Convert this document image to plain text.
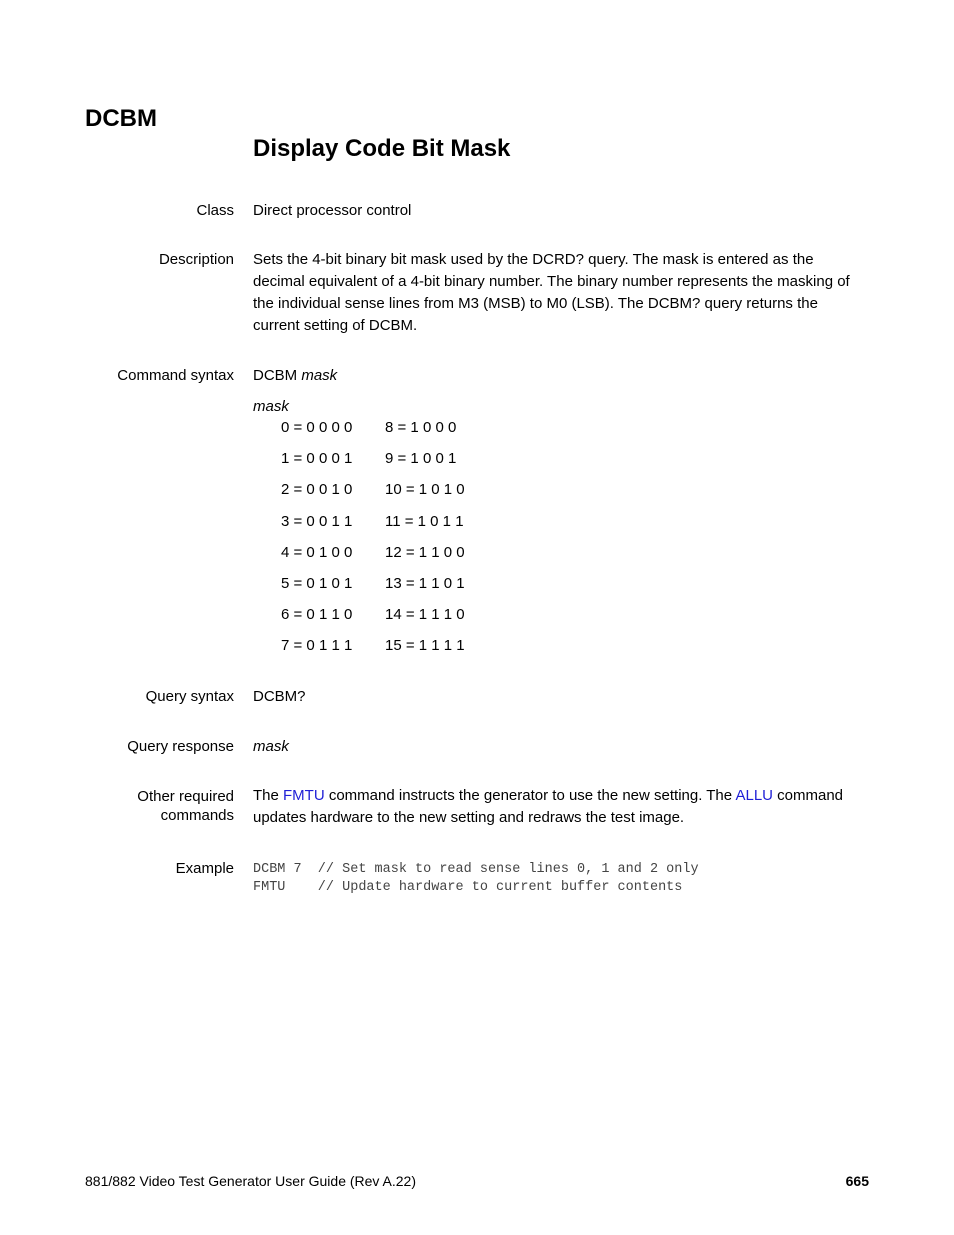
DCBM
Display Code Bit Mask
Class Direct processor control
Description Sets the 4-bit binary bit mask used by the DCRD? query. The mask is entered as the
decimal equivalent of a 4-bit binary number. The binary number represents the masking of
the individual sense lines from M3 (MSB) to M0 (LSB). The DCBM? query returns the
current setting of DCBM.
Command syntax DCBM mask
mask
0 = 0 0 0 0 8 = 1 0 0 0
1 = 0 0 0 1 9 = 1 0 0 1
2 = 0 0 1 0 10 = 1 0 1 0
3 = 0 0 1 1 11 = 1 0 1 1
4 = 0 1 0 0 12 = 1 1 0 0
5 = 0 1 0 1 13 = 1 1 0 1
6 = 0 1 1 0 14 = 1 1 1 0
7 = 0 1 1 1 15 = 1 1 1 1
Query syntax DCBM?
Query response mask
Other required
commands
The FMTU command instructs the generator to use the new setting. The ALLU command
updates hardware to the new setting and redraws the test image.
Example DCBM 7  // Set mask to read sense lines 0, 1 and 2 only
FMTU    // Update hardware to current buffer contents
881/882 Video Test Generator User Guide (Rev A.22)	665
